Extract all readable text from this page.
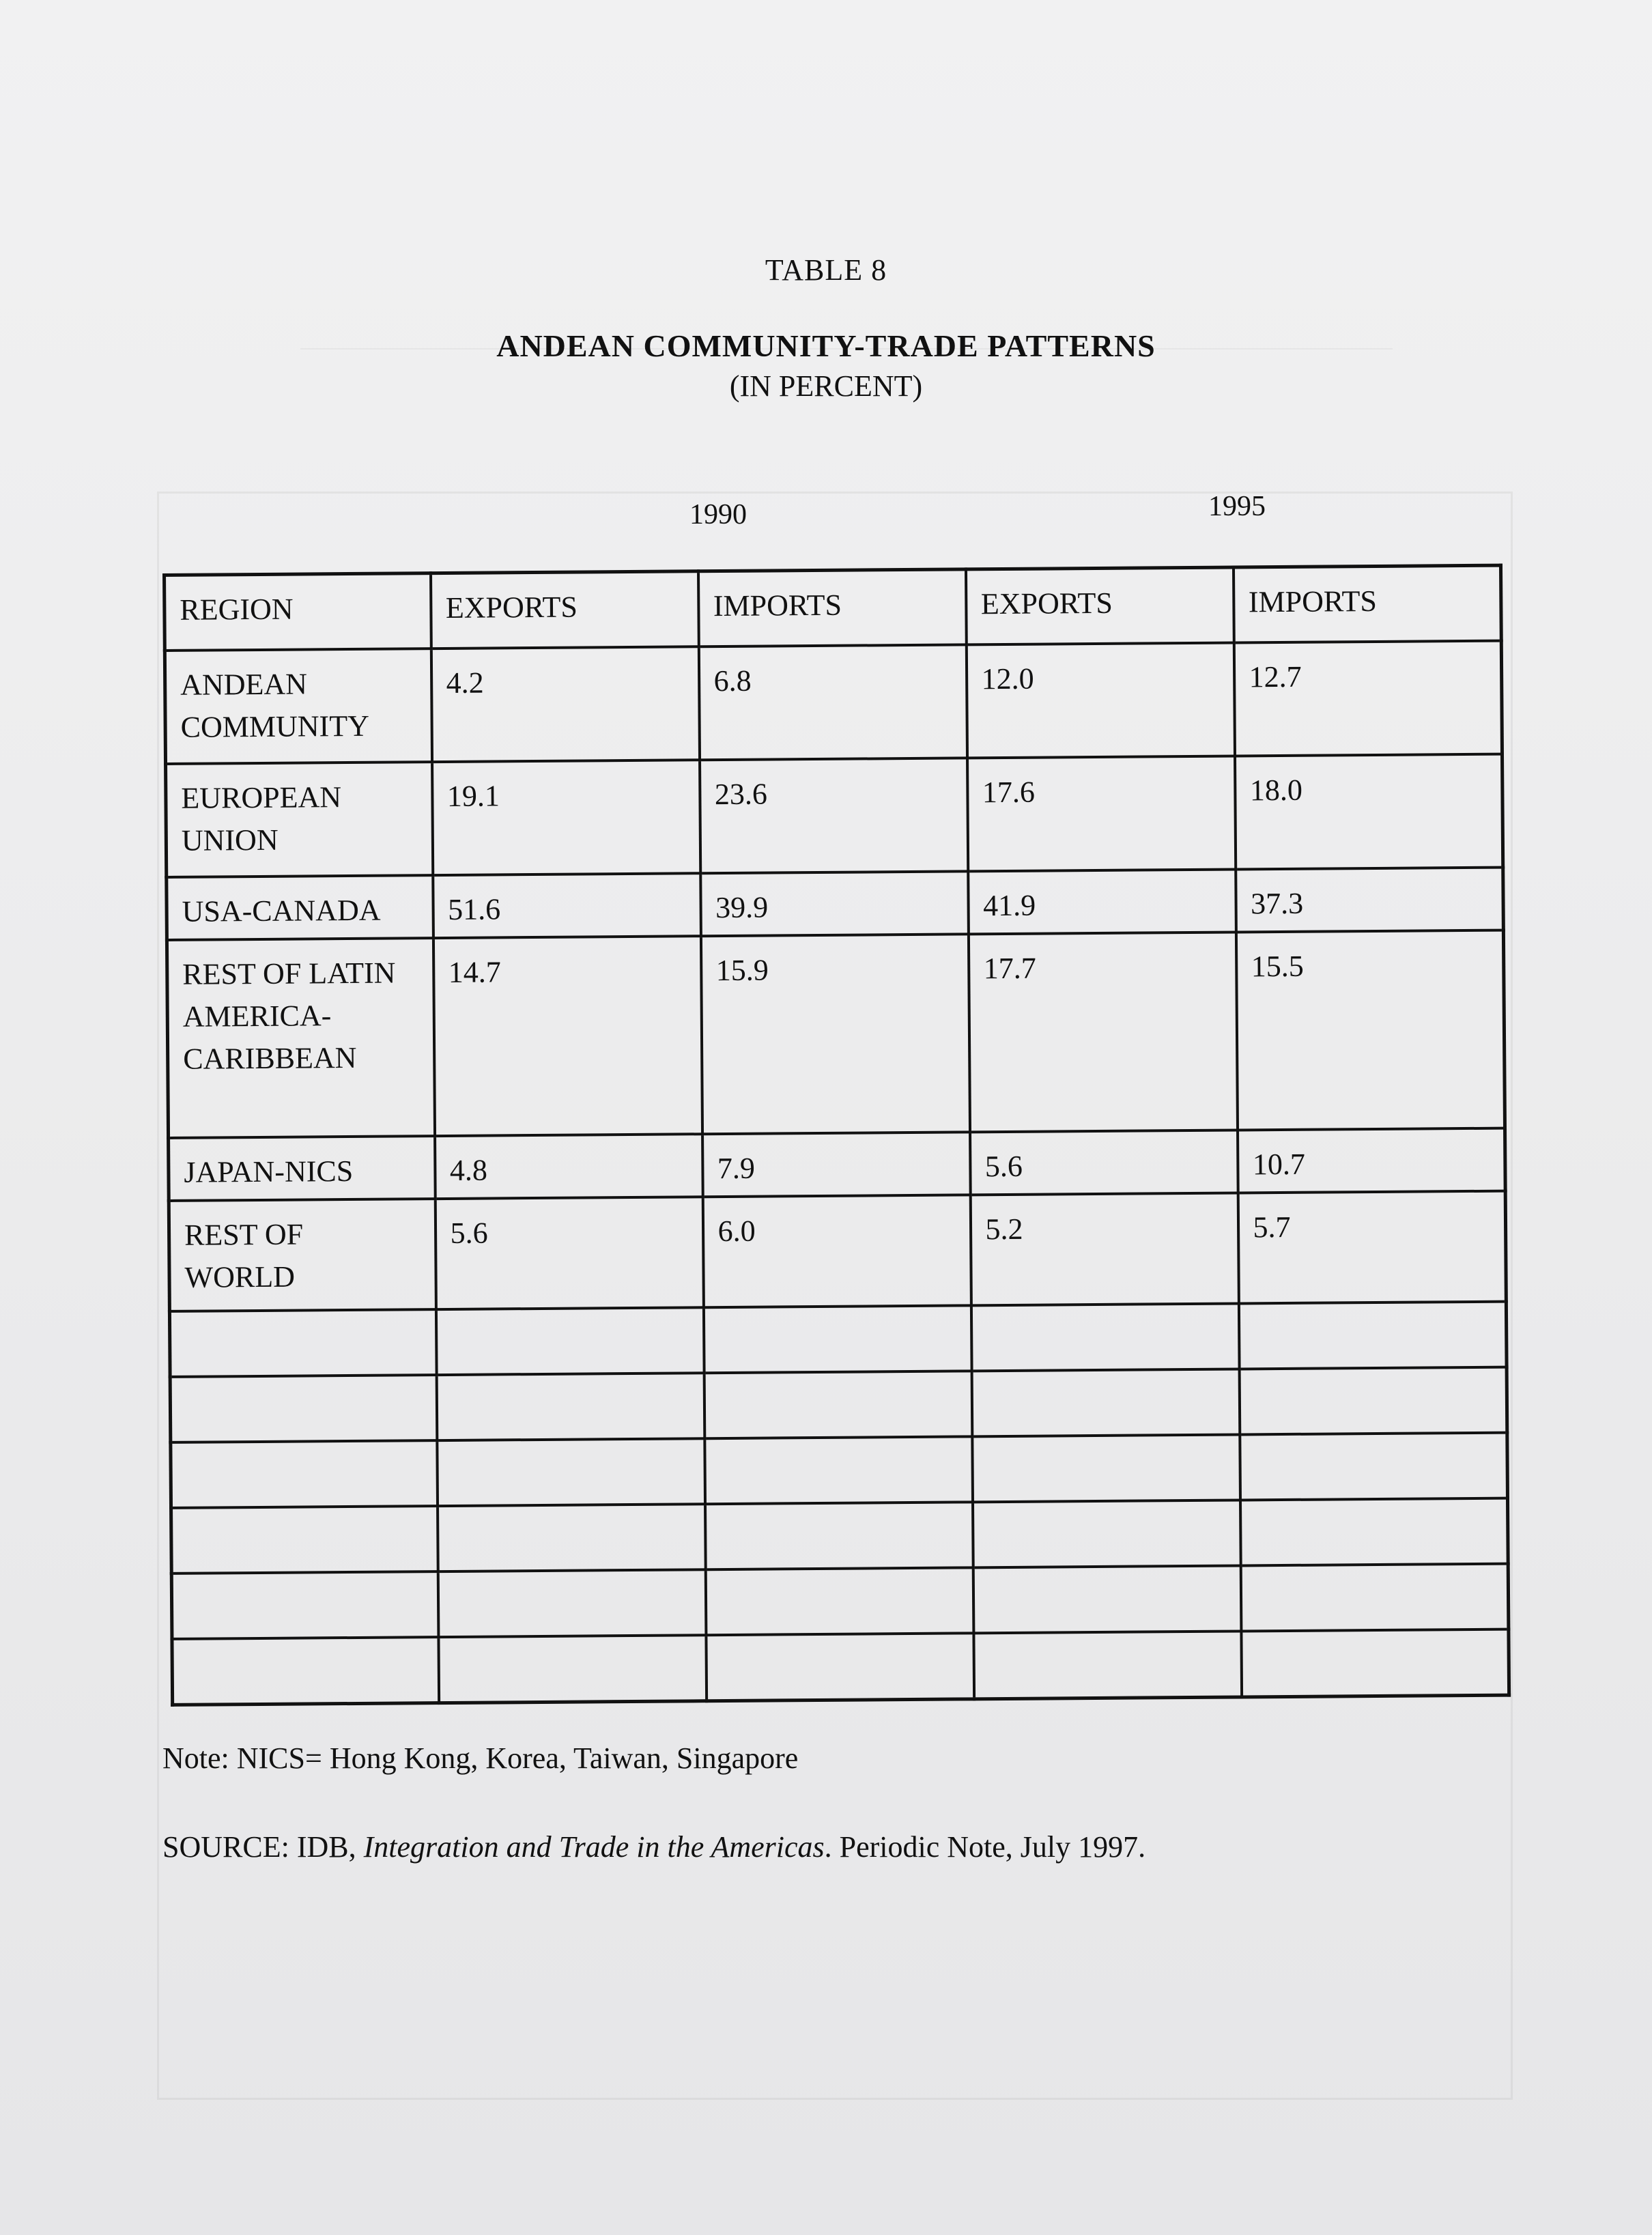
TABLE 8
ANDEAN COMMUNITY-TRADE PATTERNS
(IN PERCENT)
1990	1995
REGION	EXPORTS	IMPORTS	EXPORTS	IMPORTS
ANDEAN COMMUNITY	4.2	6.8	12.0	12.7
EUROPEAN UNION	19.1	23.6	17.6	18.0
USA-CANADA	51.6	39.9	41.9	37.3
REST OF LATIN AMERICA-CARIBBEAN	14.7	15.9	17.7	15.5
JAPAN-NICS	4.8	7.9	5.6	10.7
REST OF WORLD	5.6	6.0	5.2	5.7

Note: NICS= Hong Kong, Korea, Taiwan, Singapore
SOURCE: IDB, Integration and Trade in the Americas. Periodic Note, July 1997.
